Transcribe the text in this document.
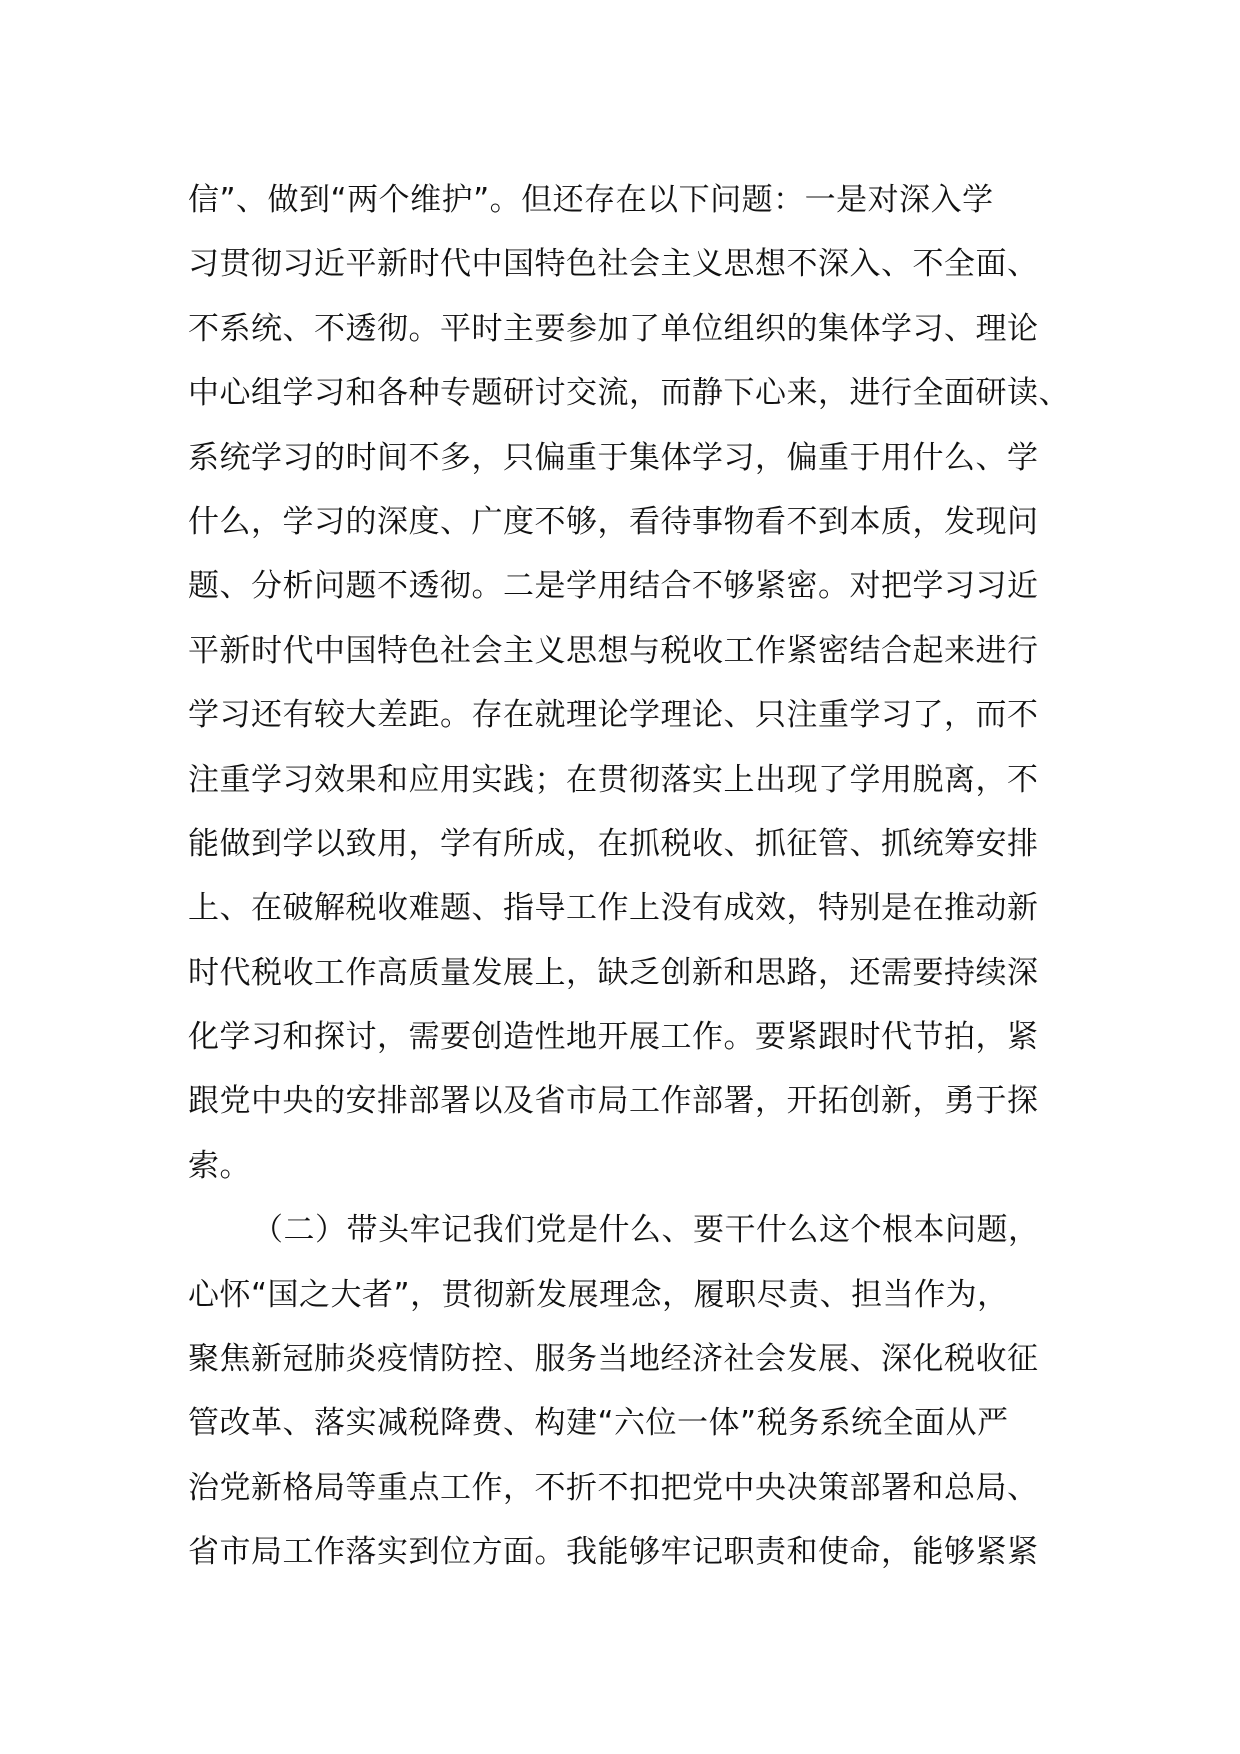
信”、做到“两个维护”。但还存在以下问题：一是对深入学
习贯彻习近平新时代中国特色社会主义思想不深入、不全面、
不系统、不透彻。平时主要参加了单位组织的集体学习、理论
中心组学习和各种专题研讨交流，而静下心来，进行全面研读、
系统学习的时间不多，只偏重于集体学习，偏重于用什么、学
什么，学习的深度、广度不够，看待事物看不到本质，发现问
题、分析问题不透彻。二是学用结合不够紧密。对把学习习近
平新时代中国特色社会主义思想与税收工作紧密结合起来进行
学习还有较大差距。存在就理论学理论、只注重学习了，而不
注重学习效果和应用实践；在贯彻落实上出现了学用脱离，不
能做到学以致用，学有所成，在抓税收、抓征管、抓统筹安排
上、在破解税收难题、指导工作上没有成效，特别是在推动新
时代税收工作高质量发展上，缺乏创新和思路，还需要持续深
化学习和探讨，需要创造性地开展工作。要紧跟时代节拍，紧
跟党中央的安排部署以及省市局工作部署，开拓创新，勇于探
索。
（二）带头牢记我们党是什么、要干什么这个根本问题，
心怀“国之大者”，贯彻新发展理念，履职尽责、担当作为，
聚焦新冠肺炎疫情防控、服务当地经济社会发展、深化税收征
管改革、落实减税降费、构建“六位一体”税务系统全面从严
治党新格局等重点工作，不折不扣把党中央决策部署和总局、
省市局工作落实到位方面。我能够牢记职责和使命，能够紧紧
